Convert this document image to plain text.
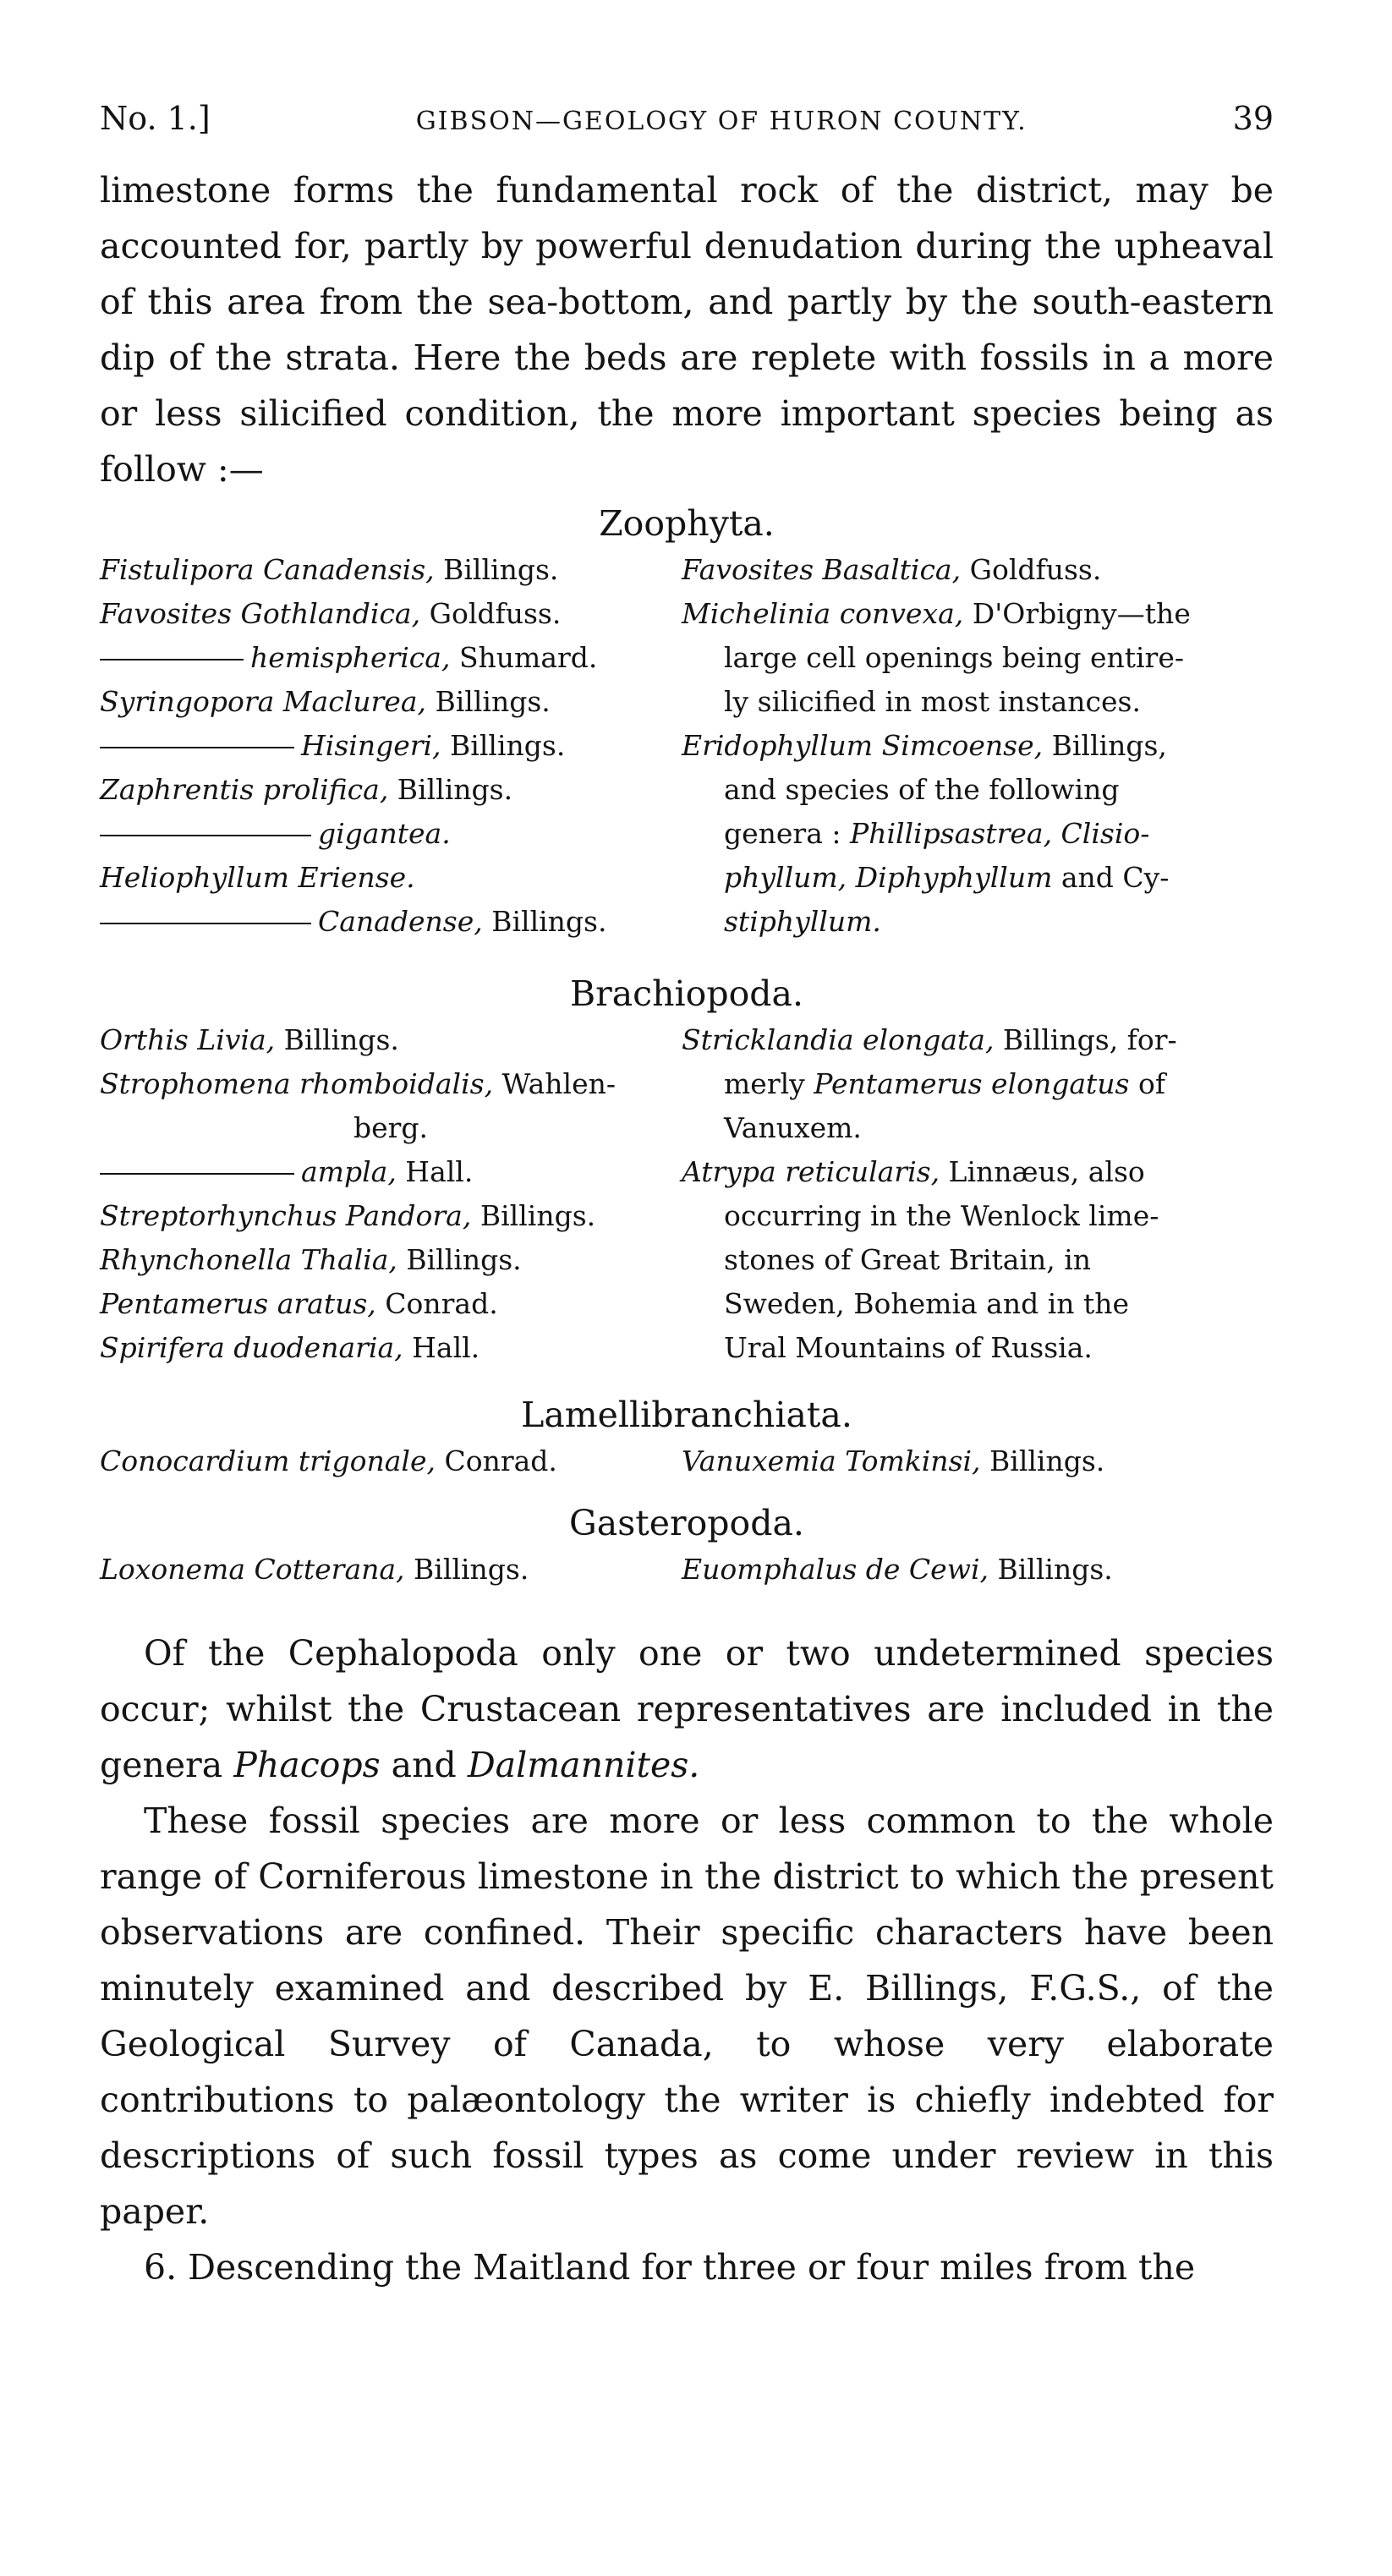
No. 1.]	GIBSON—GEOLOGY OF HURON COUNTY.	39

limestone forms the fundamental rock of the district, may be accounted for, partly by powerful denudation during the upheaval of this area from the sea-bottom, and partly by the south-eastern dip of the strata. Here the beds are replete with fossils in a more or less silicified condition, the more important species being as follow :—

Zoophyta.
Fistulipora Canadensis, Billings.
Favosites Gothlandica, Goldfuss.
hemispherica, Shumard.
Syringopora Maclurea, Billings.
Hisingeri, Billings.
Zaphrentis prolifica, Billings.
gigantea.
Heliophyllum Eriense.
Canadense, Billings.
Favosites Basaltica, Goldfuss.
Michelinia convexa, D'Orbigny—the
large cell openings being entire-
ly silicified in most instances.
Eridophyllum Simcoense, Billings,
and species of the following
genera : Phillipsastrea, Clisio-
phyllum, Diphyphyllum and Cy-
stiphyllum.
Brachiopoda.
Orthis Livia, Billings.
Strophomena rhomboidalis, Wahlen-
berg.
ampla, Hall.
Streptorhynchus Pandora, Billings.
Rhynchonella Thalia, Billings.
Pentamerus aratus, Conrad.
Spirifera duodenaria, Hall.
Stricklandia elongata, Billings, for-
merly Pentamerus elongatus of
Vanuxem.
Atrypa reticularis, Linnæus, also
occurring in the Wenlock lime-
stones of Great Britain, in
Sweden, Bohemia and in the
Ural Mountains of Russia.
Lamellibranchiata.
Conocardium trigonale, Conrad.	Vanuxemia Tomkinsi, Billings.
Gasteropoda.
Loxonema Cotterana, Billings.	Euomphalus de Cewi, Billings.

Of the Cephalopoda only one or two undetermined species occur; whilst the Crustacean representatives are included in the genera Phacops and Dalmannites.

These fossil species are more or less common to the whole range of Corniferous limestone in the district to which the present observations are confined. Their specific characters have been minutely examined and described by E. Billings, F.G.S., of the Geological Survey of Canada, to whose very elaborate contributions to palæontology the writer is chiefly indebted for descriptions of such fossil types as come under review in this paper.

6. Descending the Maitland for three or four miles from the
